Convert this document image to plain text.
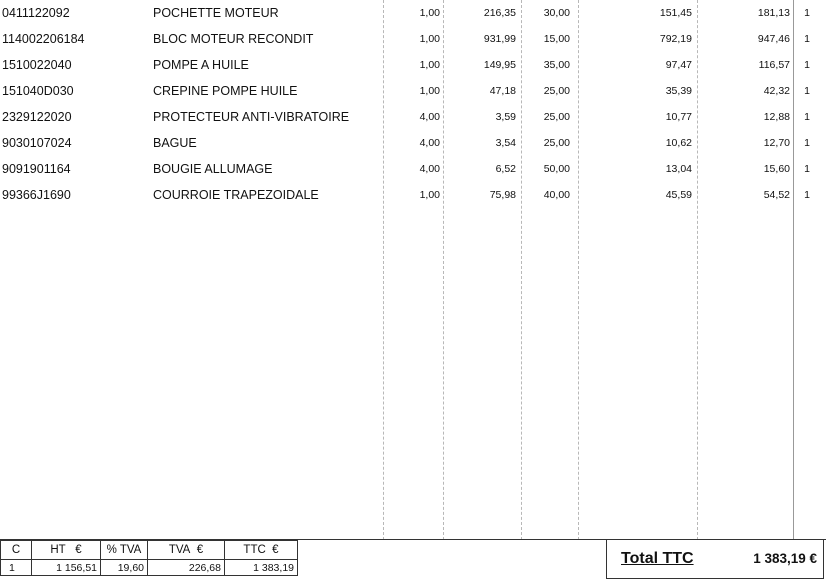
0411122092	POCHETTE MOTEUR	1,00	216,35	30,00	151,45	181,13	1
114002206184	BLOC MOTEUR RECONDIT	1,00	931,99	15,00	792,19	947,46	1
1510022040	POMPE A HUILE	1,00	149,95	35,00	97,47	116,57	1
151040D030	CREPINE POMPE HUILE	1,00	47,18	25,00	35,39	42,32	1
2329122020	PROTECTEUR ANTI-VIBRATOIRE	4,00	3,59	25,00	10,77	12,88	1
9030107024	BAGUE	4,00	3,54	25,00	10,62	12,70	1
9091901164	BOUGIE ALLUMAGE	4,00	6,52	50,00	13,04	15,60	1
99366J1690	COURROIE TRAPEZOIDALE	1,00	75,98	40,00	45,59	54,52	1
C	HT €	% TVA	TVA €	TTC €
1	1 156,51	19,60	226,68	1 383,19
Total TTC	1 383,19 €
